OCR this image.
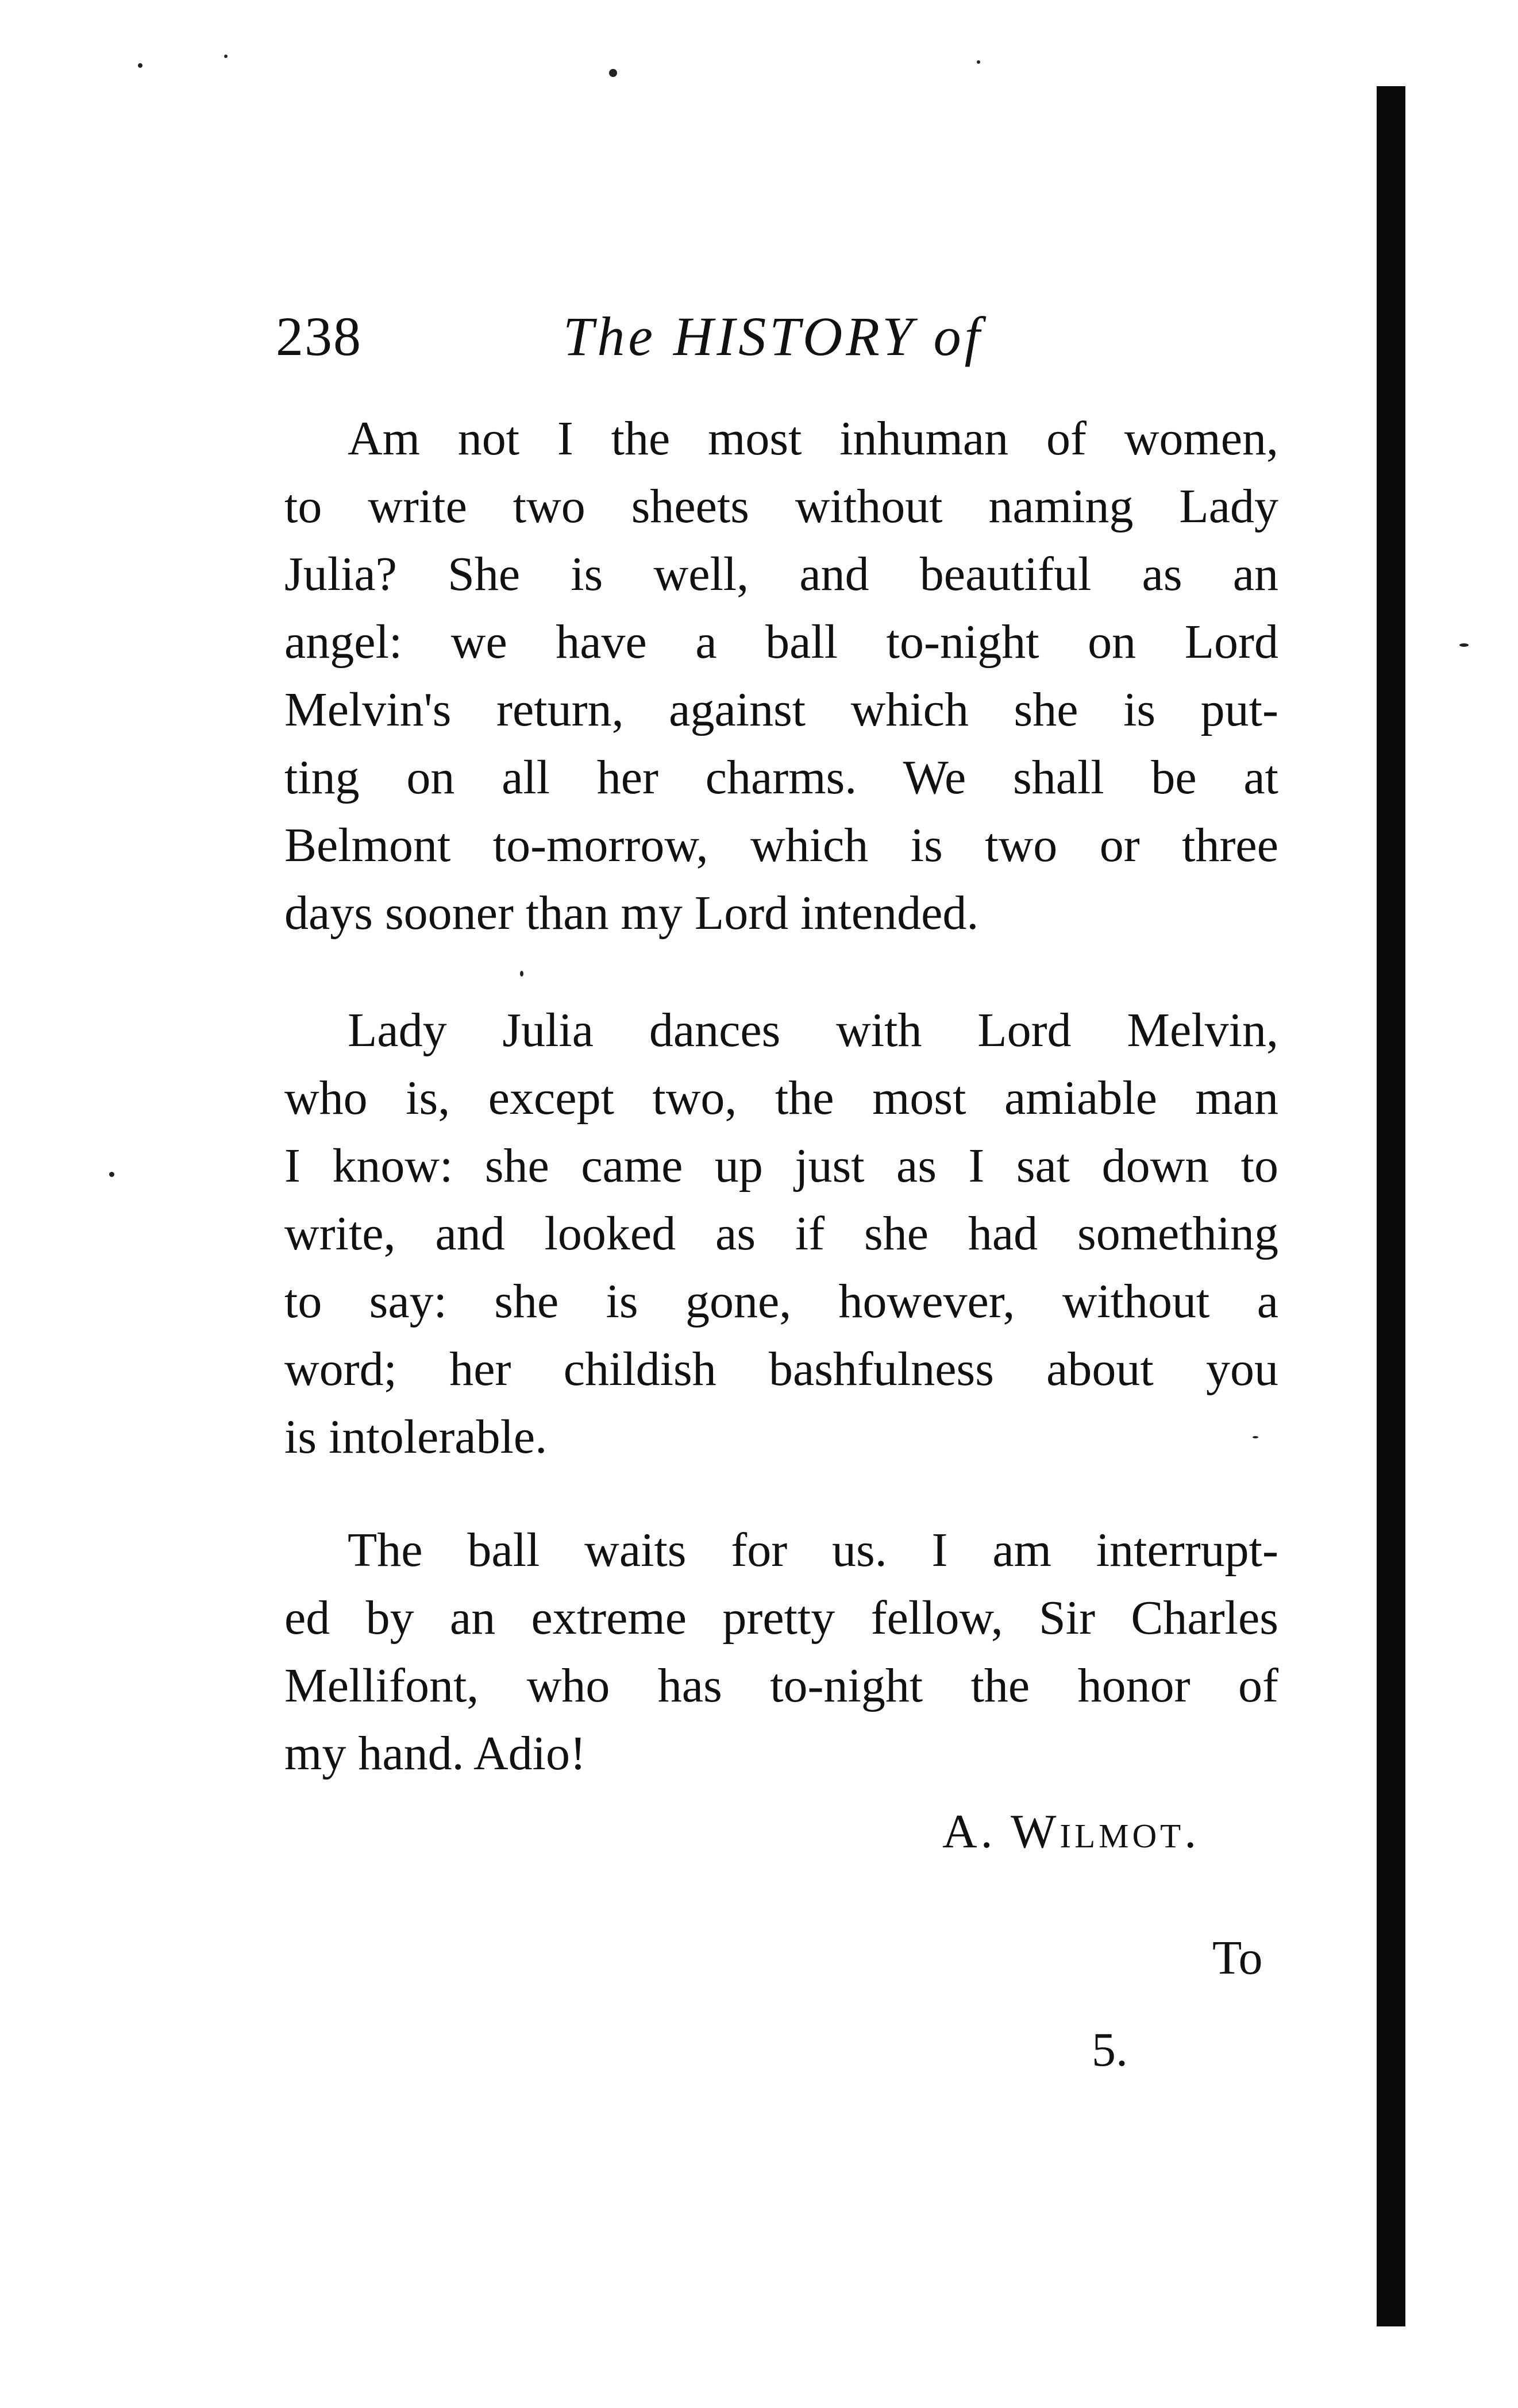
238	The HISTORY of
Am not I the most inhuman of women,
to write two sheets without naming Lady
Julia? She is well, and beautiful as an
angel: we have a ball to-night on Lord
Melvin's return, against which she is put-
ting on all her charms. We shall be at
Belmont to-morrow, which is two or three
days sooner than my Lord intended.
Lady Julia dances with Lord Melvin,
who is, except two, the most amiable man
I know: she came up just as I sat down to
write, and looked as if she had something
to say: she is gone, however, without a
word; her childish bashfulness about you
is intolerable.
The ball waits for us. I am interrupt-
ed by an extreme pretty fellow, Sir Charles
Mellifont, who has to-night the honor of
my hand. Adio!
A. Wilmot.
To
5.
